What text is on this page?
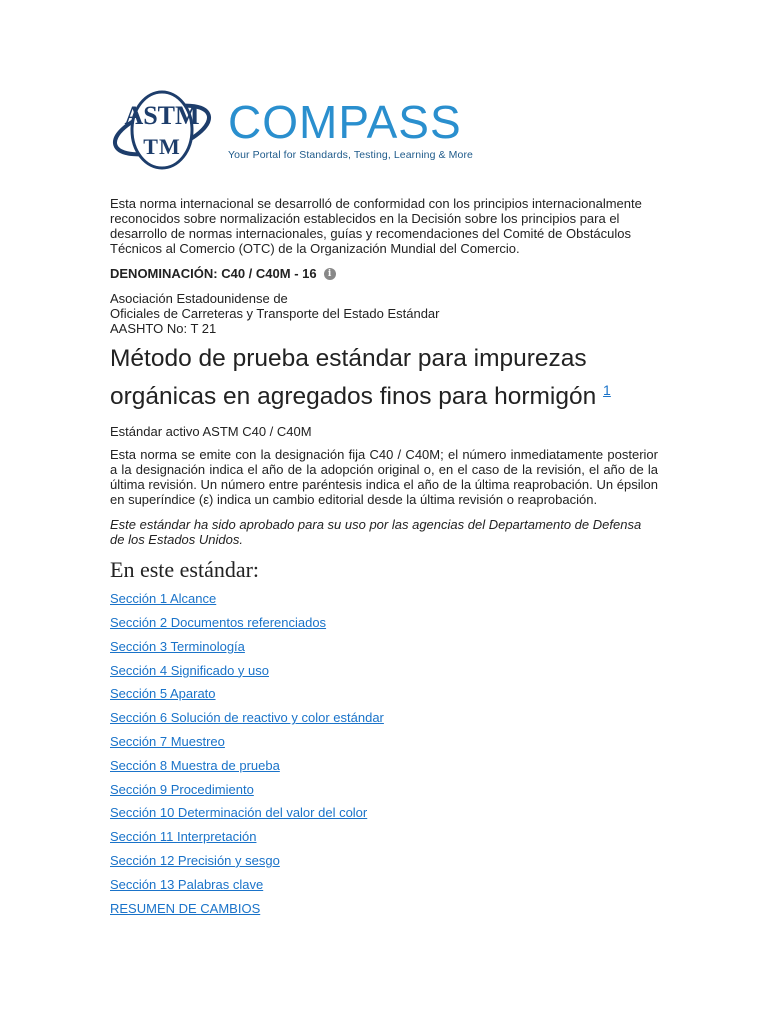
ASTM
TM COMPASS
Your Portal for Standards, Testing, Learning & More

Esta norma internacional se desarrolló de conformidad con los principios internacionalmente reconocidos sobre normalización establecidos en la Decisión sobre los principios para el desarrollo de normas internacionales, guías y recomendaciones del Comité de Obstáculos Técnicos al Comercio (OTC) de la Organización Mundial del Comercio.

DENOMINACIÓN: C40 / C40M - 16	i
Asociación Estadounidense de
Oficiales de Carreteras y Transporte del Estado Estándar
AASHTO No: T 21
Método de prueba estándar para impurezas orgánicas en agregados finos para hormigón $^1$
Estándar activo ASTM C40 / C40M

Esta norma se emite con la designación fija C40 / C40M; el número inmediatamente posterior a la designación indica el año de la adopción original o, en el caso de la revisión, el año de la última revisión. Un número entre paréntesis indica el año de la última reaprobación. Un épsilon en superíndice (ε) indica un cambio editorial desde la última revisión o reaprobación.

Este estándar ha sido aprobado para su uso por las agencias del Departamento de Defensa de los Estados Unidos.

En este estándar:
Sección 1 Alcance
Sección 2 Documentos referenciados
Sección 3 Terminología
Sección 4 Significado y uso
Sección 5 Aparato
Sección 6 Solución de reactivo y color estándar
Sección 7 Muestreo
Sección 8 Muestra de prueba
Sección 9 Procedimiento
Sección 10 Determinación del valor del color
Sección 11 Interpretación
Sección 12 Precisión y sesgo
Sección 13 Palabras clave
RESUMEN DE CAMBIOS
